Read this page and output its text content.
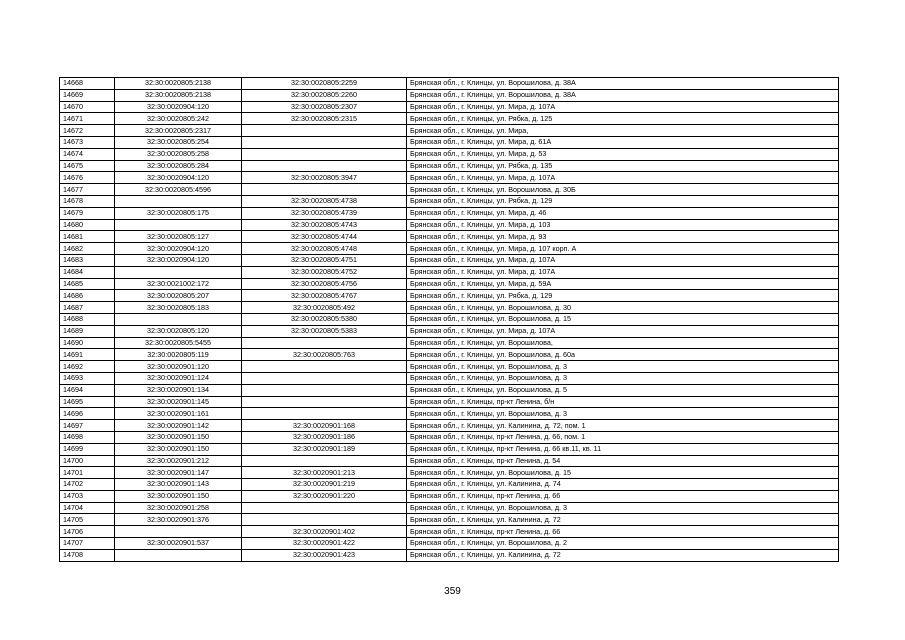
14668	32:30:0020805:2138	32:30:0020805:2259	Брянская обл., г. Клинцы, ул. Ворошилова, д. 38А
14669	32:30:0020805:2138	32:30:0020805:2260	Брянская обл., г. Клинцы, ул. Ворошилова, д. 38А
14670	32:30:0020904:120	32:30:0020805:2307	Брянская обл., г. Клинцы, ул. Мира, д. 107А
14671	32:30:0020805:242	32:30:0020805:2315	Брянская обл., г. Клинцы, ул. Рябка, д. 125
14672	32:30:0020805:2317		Брянская обл., г. Клинцы, ул. Мира,
14673	32:30:0020805:254		Брянская обл., г. Клинцы, ул. Мира, д. 61А
14674	32:30:0020805:258		Брянская обл., г. Клинцы, ул. Мира, д. 53
14675	32:30:0020805:284		Брянская обл., г. Клинцы, ул. Рябка, д. 135
14676	32:30:0020904:120	32:30:0020805:3947	Брянская обл., г. Клинцы, ул. Мира, д. 107А
14677	32:30:0020805:4596		Брянская обл., г. Клинцы, ул. Ворошилова, д. 30Б
14678		32:30:0020805:4738	Брянская обл., г. Клинцы, ул. Рябка, д. 129
14679	32:30:0020805:175	32:30:0020805:4739	Брянская обл., г. Клинцы, ул. Мира, д. 46
14680		32:30:0020805:4743	Брянская обл., г. Клинцы, ул. Мира, д. 103
14681	32:30:0020805:127	32:30:0020805:4744	Брянская обл., г. Клинцы, ул. Мира, д. 93
14682	32:30:0020904:120	32:30:0020805:4748	Брянская обл., г. Клинцы, ул. Мира, д. 107 корп. А
14683	32:30:0020904:120	32:30:0020805:4751	Брянская обл., г. Клинцы, ул. Мира, д. 107А
14684		32:30:0020805:4752	Брянская обл., г. Клинцы, ул. Мира, д. 107А
14685	32:30:0021002:172	32:30:0020805:4756	Брянская обл., г. Клинцы, ул. Мира, д. 59А
14686	32:30:0020805:207	32:30:0020805:4767	Брянская обл., г. Клинцы, ул. Рябка, д. 129
14687	32:30:0020805:183	32:30:0020805:492	Брянская обл., г. Клинцы, ул. Ворошилова, д. 30
14688		32:30:0020805:5380	Брянская обл., г. Клинцы, ул. Ворошилова, д. 15
14689	32:30:0020805:120	32:30:0020805:5383	Брянская обл., г. Клинцы, ул. Мира, д. 107А
14690	32:30:0020805:5455		Брянская обл., г. Клинцы, ул. Ворошилова,
14691	32:30:0020805:119	32:30:0020805:763	Брянская обл., г. Клинцы, ул. Ворошилова, д. 60а
14692	32:30:0020901:120		Брянская обл., г. Клинцы, ул. Ворошилова, д. 3
14693	32:30:0020901:124		Брянская обл., г. Клинцы, ул. Ворошилова, д. 3
14694	32:30:0020901:134		Брянская обл., г. Клинцы, ул. Ворошилова, д. 5
14695	32:30:0020901:145		Брянская обл., г. Клинцы, пр-кт Ленина, б/н
14696	32:30:0020901:161		Брянская обл., г. Клинцы, ул. Ворошилова, д. 3
14697	32:30:0020901:142	32:30:0020901:168	Брянская обл., г. Клинцы, ул. Калинина, д. 72, пом. 1
14698	32:30:0020901:150	32:30:0020901:186	Брянская обл., г. Клинцы, пр-кт Ленина, д. 66, пом. 1
14699	32:30:0020901:150	32:30:0020901:189	Брянская обл., г. Клинцы, пр-кт Ленина, д. 66 кв.11, кв. 11
14700	32:30:0020901:212		Брянская обл., г. Клинцы, пр-кт Ленина, д. 54
14701	32:30:0020901:147	32:30:0020901:213	Брянская обл., г. Клинцы, ул. Ворошилова, д. 15
14702	32:30:0020901:143	32:30:0020901:219	Брянская обл., г. Клинцы, ул. Калинина, д. 74
14703	32:30:0020901:150	32:30:0020901:220	Брянская обл., г. Клинцы, пр-кт Ленина, д. 66
14704	32:30:0020901:258		Брянская обл., г. Клинцы, ул. Ворошилова, д. 3
14705	32:30:0020901:376		Брянская обл., г. Клинцы, ул. Калинина, д. 72
14706		32:30:0020901:402	Брянская обл., г. Клинцы, пр-кт Ленина, д. 66
14707	32:30:0020901:537	32:30:0020901:422	Брянская обл., г. Клинцы, ул. Ворошилова, д. 2
14708		32:30:0020901:423	Брянская обл., г. Клинцы, ул. Калинина, д. 72
359
